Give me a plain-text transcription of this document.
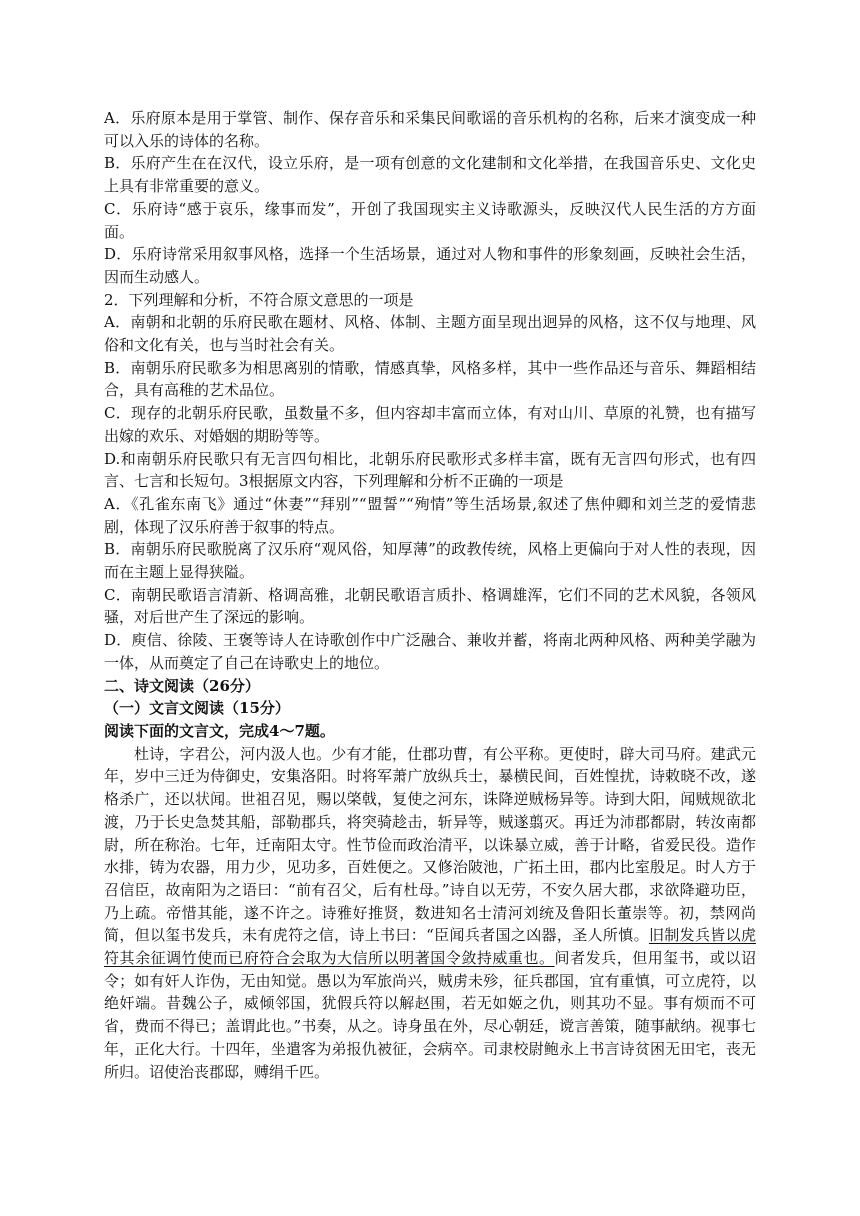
A．乐府原本是用于掌管、制作、保存音乐和采集民间歌谣的音乐机构的名称，后来才演变成一种可以入乐的诗体的名称。

B．乐府产生在在汉代，设立乐府，是一项有创意的文化建制和文化举措，在我国音乐史、文化史上具有非常重要的意义。

C．乐府诗“感于哀乐，缘事而发”，开创了我国现实主义诗歌源头，反映汉代人民生活的方方面面。

D．乐府诗常采用叙事风格，选择一个生活场景，通过对人物和事件的形象刻画，反映社会生活，因而生动感人。

2．下列理解和分析，不符合原文意思的一项是

A．南朝和北朝的乐府民歌在题材、风格、体制、主题方面呈现出迥异的风格，这不仅与地理、风俗和文化有关，也与当时社会有关。

B．南朝乐府民歌多为相思离别的情歌，情感真挚，风格多样，其中一些作品还与音乐、舞蹈相结合，具有高稚的艺术品位。

C．现存的北朝乐府民歌，虽数量不多，但内容却丰富而立体，有对山川、草原的礼赞，也有描写出嫁的欢乐、对婚姻的期盼等等。

D.和南朝乐府民歌只有无言四句相比，北朝乐府民歌形式多样丰富，既有无言四句形式，也有四言、七言和长短句。3根据原文内容，下列理解和分析不正确的一项是

A．《孔雀东南飞》通过“休妻”“拜别”“盟誓”“殉情”等生活场景,叙述了焦仲卿和刘兰芝的爱情悲剧，体现了汉乐府善于叙事的特点。

B．南朝乐府民歌脱离了汉乐府“观风俗，知厚薄”的政教传统，风格上更偏向于对人性的表现，因而在主题上显得狭隘。

C．南朝民歌语言清新、格调高雅，北朝民歌语言质扑、格调雄浑，它们不同的艺术风貌，各领风骚，对后世产生了深远的影响。

D．庾信、徐陵、王褒等诗人在诗歌创作中广泛融合、兼收并蓄，将南北两种风格、两种美学融为一体，从而奠定了自己在诗歌史上的地位。

二、诗文阅读（26分）

（一）文言文阅读（15分）

阅读下面的文言文，完成4～7题。

杜诗，字君公，河内汲人也。少有才能，仕郡功曹，有公平称。更使时，辟大司马府。建武元年，岁中三迁为侍御史，安集洛阳。时将军萧广放纵兵士，暴横民间，百姓惶扰，诗敕晓不改，遂格杀广，还以状闻。世祖召见，赐以棨戟，复使之河东，诛降逆贼杨异等。诗到大阳，闻贼规欲北渡，乃于长史急焚其船，部勒郡兵，将突骑趁击，斩异等，贼遂翦灭。再迁为沛郡都尉，转汝南都尉，所在称治。七年，迁南阳太守。性节俭而政治清平，以诛暴立威，善于计略，省爱民役。造作水排，铸为农器，用力少，见功多，百姓便之。又修治陂池，广拓土田，郡内比室殷足。时人方于召信臣，故南阳为之语曰：“前有召父，后有杜母。”诗自以无劳，不安久居大郡，求欲降避功臣，乃上疏。帝惜其能，遂不许之。诗雅好推贤，数进知名士清河刘统及鲁阳长董崇等。初，禁网尚简，但以玺书发兵，未有虎符之信，诗上书曰：“臣闻兵者国之凶器，圣人所慎。旧制发兵皆以虎符其余征调竹使而已府符合会取为大信所以明著国令敛持威重也。间者发兵，但用玺书，或以诏令；如有奸人诈伪，无由知觉。愚以为军旅尚兴，贼虏未殄，征兵郡国，宜有重慎，可立虎符，以绝奸端。昔魏公子，威倾邻国，犹假兵符以解赵围，若无如姬之仇，则其功不显。事有烦而不可省，费而不得已；盖谓此也。”书奏，从之。诗身虽在外，尽心朝廷，谠言善策，随事献纳。视事七年，正化大行。十四年，坐遣客为弟报仇被征，会病卒。司隶校尉鲍永上书言诗贫困无田宅，丧无所归。诏使治丧郡邸，赙绢千匹。
